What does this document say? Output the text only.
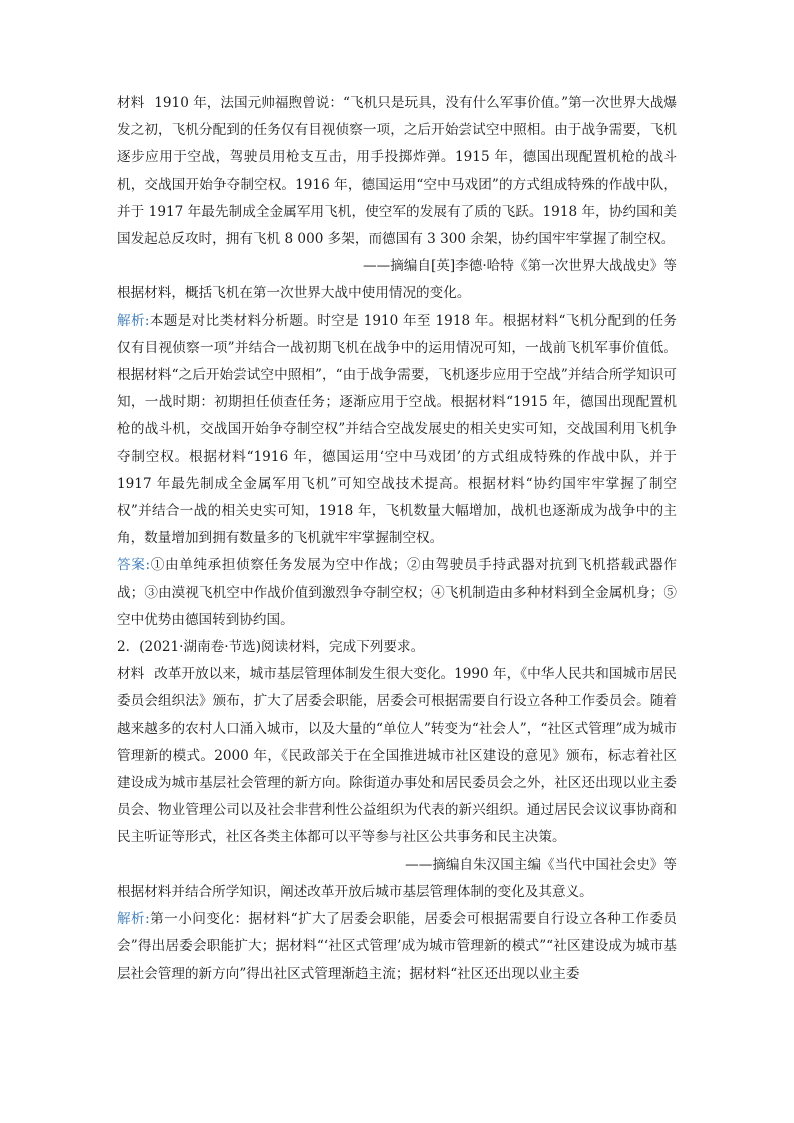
材料 1910 年，法国元帅福煦曾说：“飞机只是玩具，没有什么军事价值。”第一次世界大战爆发之初，飞机分配到的任务仅有目视侦察一项，之后开始尝试空中照相。由于战争需要，飞机逐步应用于空战，驾驶员用枪支互击，用手投掷炸弹。1915 年，德国出现配置机枪的战斗机，交战国开始争夺制空权。1916 年，德国运用“空中马戏团”的方式组成特殊的作战中队，并于 1917 年最先制成全金属军用飞机，使空军的发展有了质的飞跃。1918 年，协约国和美国发起总反攻时，拥有飞机 8 000 多架，而德国有 3 300 余架，协约国牢牢掌握了制空权。

——摘编自[英]李德·哈特《第一次世界大战战史》等

根据材料，概括飞机在第一次世界大战中使用情况的变化。

解析:本题是对比类材料分析题。时空是 1910 年至 1918 年。根据材料“飞机分配到的任务仅有目视侦察一项”并结合一战初期飞机在战争中的运用情况可知，一战前飞机军事价值低。根据材料“之后开始尝试空中照相”，“由于战争需要，飞机逐步应用于空战”并结合所学知识可知，一战时期：初期担任侦查任务；逐渐应用于空战。根据材料“1915 年，德国出现配置机枪的战斗机，交战国开始争夺制空权”并结合空战发展史的相关史实可知，交战国利用飞机争夺制空权。根据材料“1916 年，德国运用‘空中马戏团’的方式组成特殊的作战中队，并于 1917 年最先制成全金属军用飞机”可知空战技术提高。根据材料“协约国牢牢掌握了制空权”并结合一战的相关史实可知，1918 年，飞机数量大幅增加，战机也逐渐成为战争中的主角，数量增加到拥有数量多的飞机就牢牢掌握制空权。

答案:①由单纯承担侦察任务发展为空中作战；②由驾驶员手持武器对抗到飞机搭载武器作战；③由漠视飞机空中作战价值到激烈争夺制空权；④飞机制造由多种材料到全金属机身；⑤空中优势由德国转到协约国。

2．(2021·湖南卷·节选)阅读材料，完成下列要求。

材料 改革开放以来，城市基层管理体制发生很大变化。1990 年，《中华人民共和国城市居民委员会组织法》颁布，扩大了居委会职能，居委会可根据需要自行设立各种工作委员会。随着越来越多的农村人口涌入城市，以及大量的“单位人”转变为“社会人”，“社区式管理”成为城市管理新的模式。2000 年，《民政部关于在全国推进城市社区建设的意见》颁布，标志着社区建设成为城市基层社会管理的新方向。除街道办事处和居民委员会之外，社区还出现以业主委员会、物业管理公司以及社会非营利性公益组织为代表的新兴组织。通过居民会议议事协商和民主听证等形式，社区各类主体都可以平等参与社区公共事务和民主决策。

——摘编自朱汉国主编《当代中国社会史》等

根据材料并结合所学知识，阐述改革开放后城市基层管理体制的变化及其意义。

解析:第一小问变化：据材料“扩大了居委会职能，居委会可根据需要自行设立各种工作委员会”得出居委会职能扩大；据材料“‘社区式管理’成为城市管理新的模式”“社区建设成为城市基层社会管理的新方向”得出社区式管理渐趋主流；据材料“社区还出现以业主委
